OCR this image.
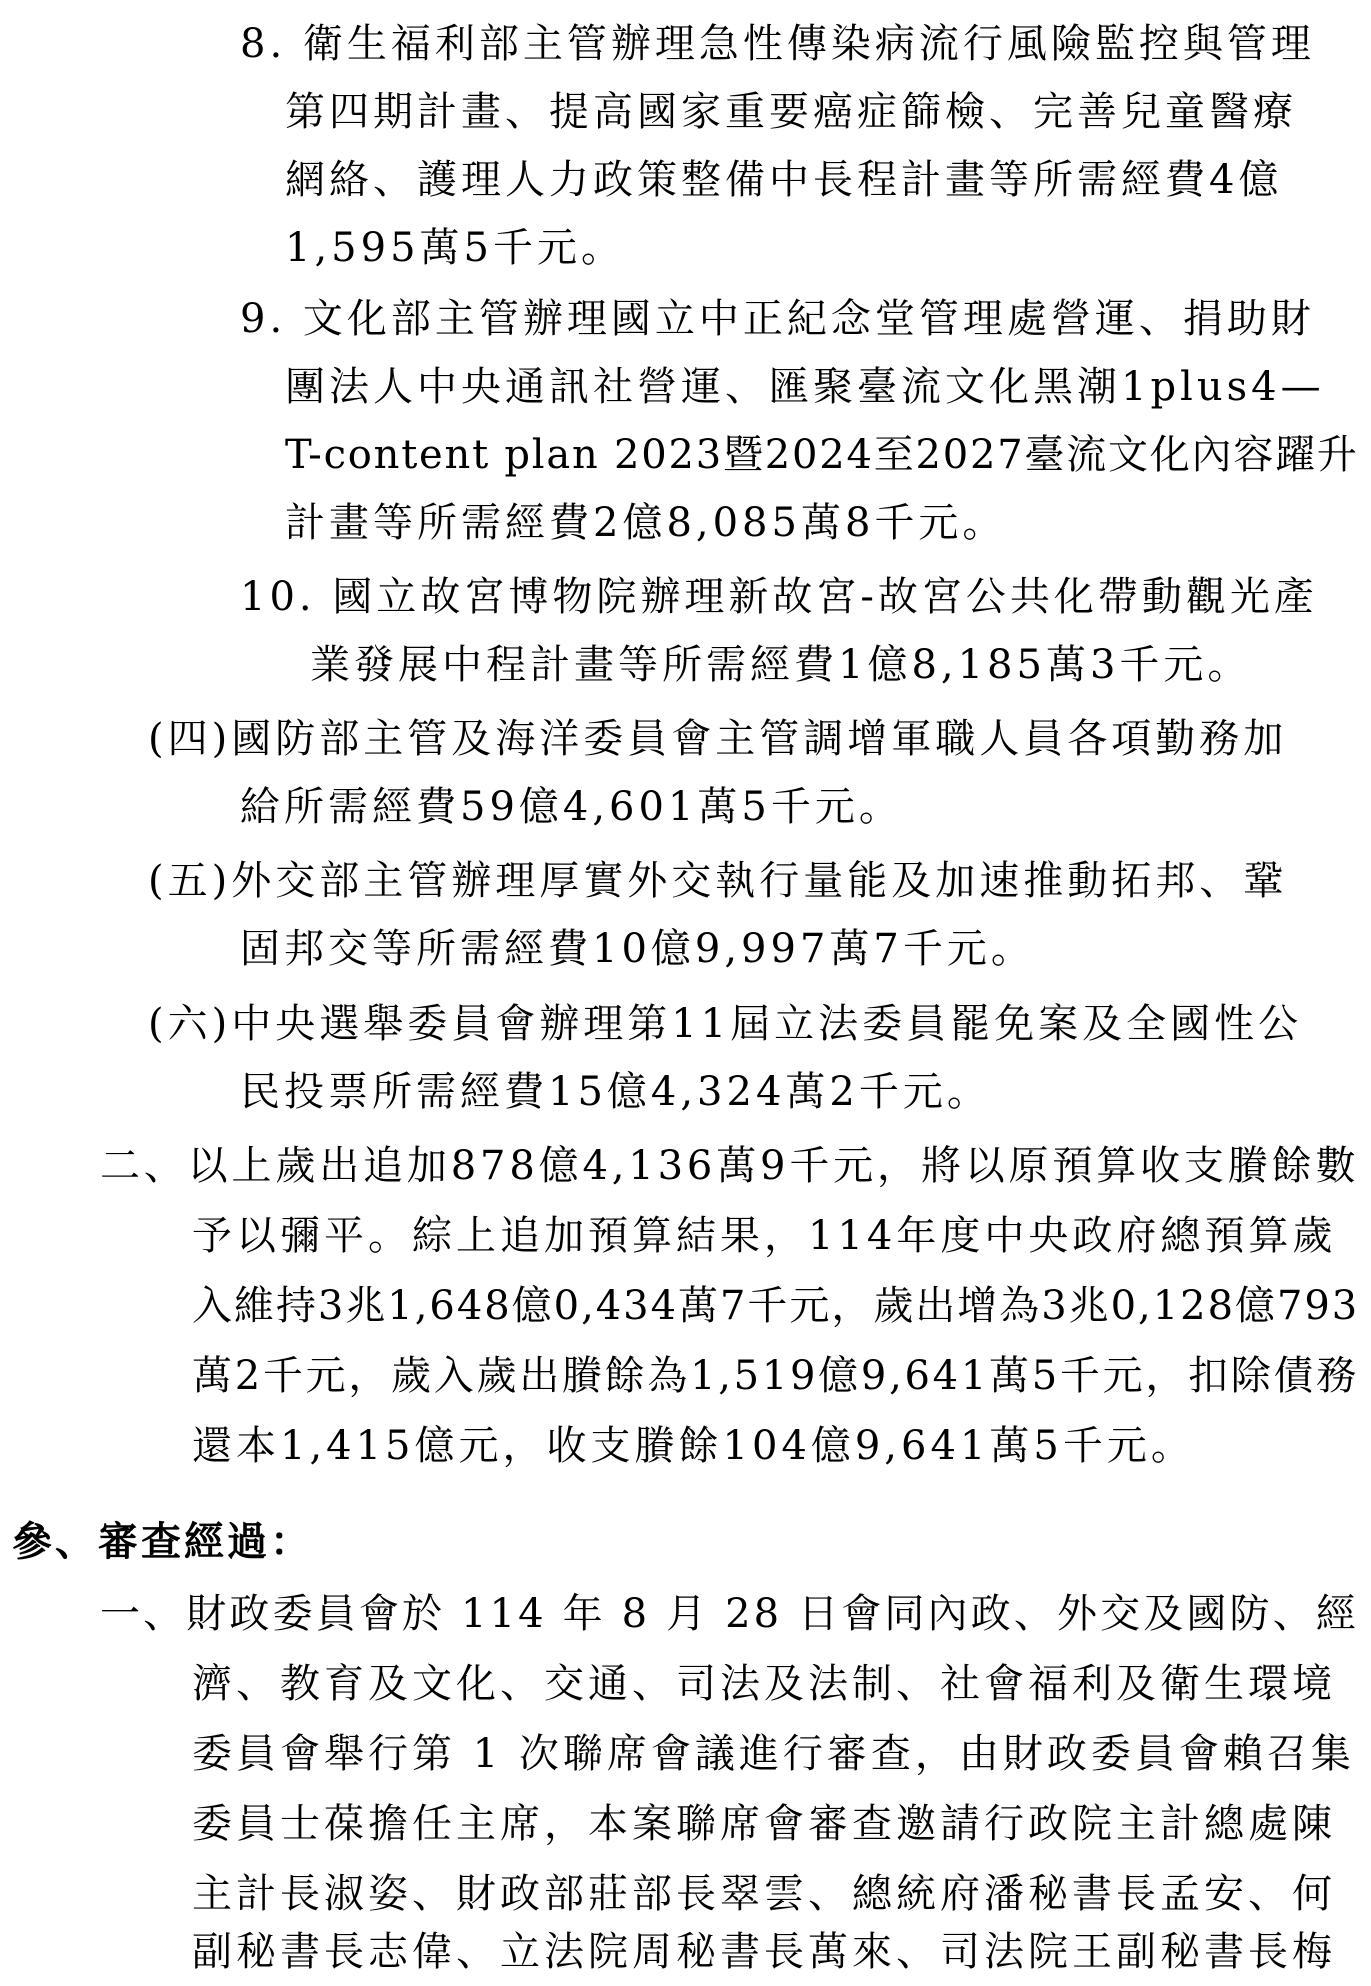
8. 衛生福利部主管辦理急性傳染病流行風險監控與管理
第四期計畫、提高國家重要癌症篩檢、完善兒童醫療
網絡、護理人力政策整備中長程計畫等所需經費4億
1,595萬5千元。
9. 文化部主管辦理國立中正紀念堂管理處營運、捐助財
團法人中央通訊社營運、匯聚臺流文化黑潮1plus4—
T-content plan 2023暨2024至2027臺流文化內容躍升
計畫等所需經費2億8,085萬8千元。
10. 國立故宮博物院辦理新故宮-故宮公共化帶動觀光產
業發展中程計畫等所需經費1億8,185萬3千元。
(四)國防部主管及海洋委員會主管調增軍職人員各項勤務加
給所需經費59億4,601萬5千元。
(五)外交部主管辦理厚實外交執行量能及加速推動拓邦、鞏
固邦交等所需經費10億9,997萬7千元。
(六)中央選舉委員會辦理第11屆立法委員罷免案及全國性公
民投票所需經費15億4,324萬2千元。
二、以上歲出追加878億4,136萬9千元，將以原預算收支賸餘數
予以彌平。綜上追加預算結果，114年度中央政府總預算歲
入維持3兆1,648億0,434萬7千元，歲出增為3兆0,128億793
萬2千元，歲入歲出賸餘為1,519億9,641萬5千元，扣除債務
還本1,415億元，收支賸餘104億9,641萬5千元。
參、審查經過：
一、財政委員會於 114 年 8 月 28 日會同內政、外交及國防、經
濟、教育及文化、交通、司法及法制、社會福利及衛生環境
委員會舉行第 1 次聯席會議進行審查，由財政委員會賴召集
委員士葆擔任主席，本案聯席會審查邀請行政院主計總處陳
主計長淑姿、財政部莊部長翠雲、總統府潘秘書長孟安、何
副秘書長志偉、立法院周秘書長萬來、司法院王副秘書長梅
